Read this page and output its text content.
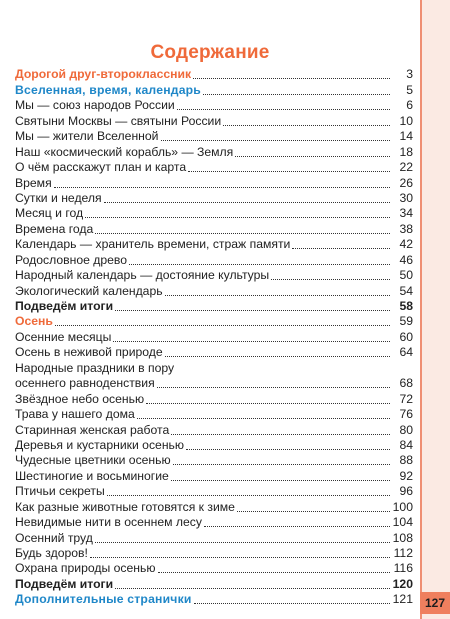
Содержание
Дорогой друг-второклассник	3
Вселенная, время, календарь	5
Мы — союз народов России	6
Святыни Москвы — святыни России	10
Мы — жители Вселенной	14
Наш «космический корабль» — Земля	18
О чём расскажут план и карта	22
Время	26
Сутки и неделя	30
Месяц и год	34
Времена года	38
Календарь — хранитель времени, страж памяти	42
Родословное древо	46
Народный календарь — достояние культуры	50
Экологический календарь	54
Подведём итоги	58
Осень	59
Осенние месяцы	60
Осень в неживой природе	64
Народные праздники в пору
осеннего равноденствия	68
Звёздное небо осенью	72
Трава у нашего дома	76
Старинная женская работа	80
Деревья и кустарники осенью	84
Чудесные цветники осенью	88
Шестиногие и восьминогие	92
Птичьи секреты	96
Как разные животные готовятся к зиме	100
Невидимые нити в осеннем лесу	104
Осенний труд	108
Будь здоров!	112
Охрана природы осенью	116
Подведём итоги	120
Дополнительные странички	121 127
